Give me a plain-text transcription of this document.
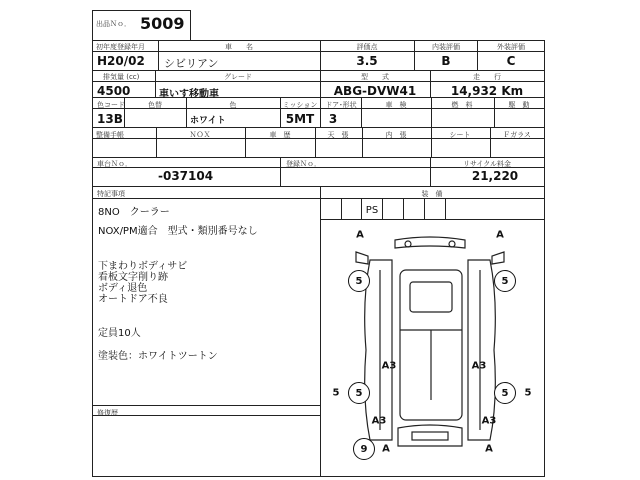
出品Ｎｏ． 5009
初年度登録年月
H20/02
車　　名
シビリアン
評価点
3.5
内装評価
B
外装評価
C
排気量 (cc)
4500
グレード
車いす移動車
型　　式
ABG-DVW41
走　　行
14,932 Km
色コード
13B
色替	色
ホワイト
ミッション
5MT
ドア･形状
3
車　検	燃　料	駆　動
整備手帳	ＮＯＸ	車　歴	天　張	内　張	シート	Ｆガラス
車台Ｎｏ．
-037104
登録Ｎｏ．	リサイクル料金
21,220
特記事項
8NO　クーラー
NOX/PM適合　型式・類別番号なし
下まわりボディサビ
看板文字削り跡
ボディ退色
オートドア不良
定員10人
塗装色：ホワイトツートン
装　備
PS
修復歴
A	A
5	5
A3	A3
5	5	5	5
A3	A3
9	A	A
